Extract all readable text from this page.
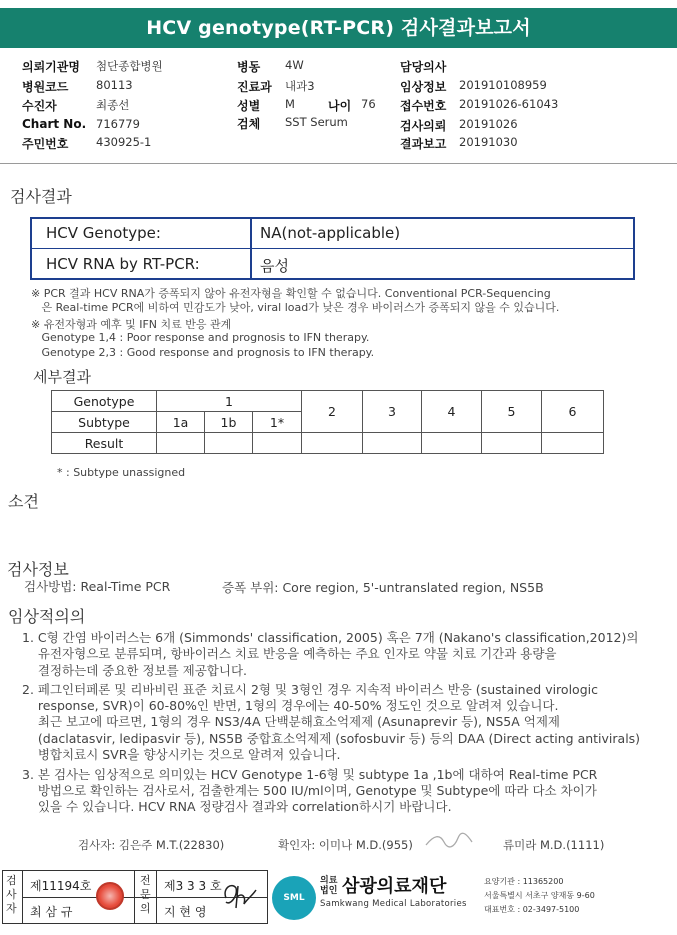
HCV genotype(RT-PCR) 검사결과보고서
의뢰기관명 첨단종합병원
병원코드 80113
수진자	최종선
Chart No. 716779
주민번호 430925-1
병동 4W
진료과 내과3
성별 M	나이 76
검체 SST Serum
담당의사
임상정보 201910108959
접수번호 20191026-61043
검사의뢰 20191026
결과보고 20191030
검사결과
HCV Genotype:	NA(not-applicable)
HCV RNA by RT-PCR:	음성
※ PCR 결과 HCV RNA가 증폭되지 않아 유전자형을 확인할 수 없습니다. Conventional PCR-Sequencing
은 Real-time PCR에 비하여 민감도가 낮아, viral load가 낮은 경우 바이러스가 증폭되지 않을 수 있습니다.
※ 유전자형과 예후 및 IFN 치료 반응 관계
Genotype 1,4 : Poor response and prognosis to IFN therapy.
Genotype 2,3 : Good response and prognosis to IFN therapy.
세부결과
Genotype	1			2	3	4	5	6
Subtype	1a	1b	1*					
Result								
* : Subtype unassigned
소견
검사정보
검사방법: Real-Time PCR	증폭 부위: Core region, 5'-untranslated region, NS5B
임상적의의
1. C형 간염 바이러스는 6개 (Simmonds' classification, 2005) 혹은 7개 (Nakano's classification,2012)의
유전자형으로 분류되며, 항바이러스 치료 반응을 예측하는 주요 인자로 약물 치료 기간과 용량을
결정하는데 중요한 정보를 제공합니다.
2. 페그인터페론 및 리바비린 표준 치료시 2형 및 3형인 경우 지속적 바이러스 반응 (sustained virologic
response, SVR)이 60-80%인 반면, 1형의 경우에는 40-50% 정도인 것으로 알려져 있습니다.
최근 보고에 따르면, 1형의 경우 NS3/4A 단백분해효소억제제 (Asunaprevir 등), NS5A 억제제
(daclatasvir, ledipasvir 등), NS5B 중합효소억제제 (sofosbuvir 등) 등의 DAA (Direct acting antivirals)
병합치료시 SVR을 향상시키는 것으로 알려져 있습니다.
3. 본 검사는 임상적으로 의미있는 HCV Genotype 1-6형 및 subtype 1a ,1b에 대하여 Real-time PCR
방법으로 확인하는 검사로서, 검출한계는 500 IU/ml이며, Genotype 및 Subtype에 따라 다소 차이가
있을 수 있습니다. HCV RNA 정량검사 결과와 correlation하시기 바랍니다.
검사자: 김은주 M.T.(22830)	확인자: 이미나 M.D.(955)	류미라 M.D.(1111)
검사자
제11194호
최 삼 규
전문의
제3 3 3 호
지 현 영
SML
의료
법인 삼광의료재단
Samkwang Medical Laboratories
요양기관 : 11365200
서울특별시 서초구 양재동 9-60
대표번호 : 02-3497-5100
